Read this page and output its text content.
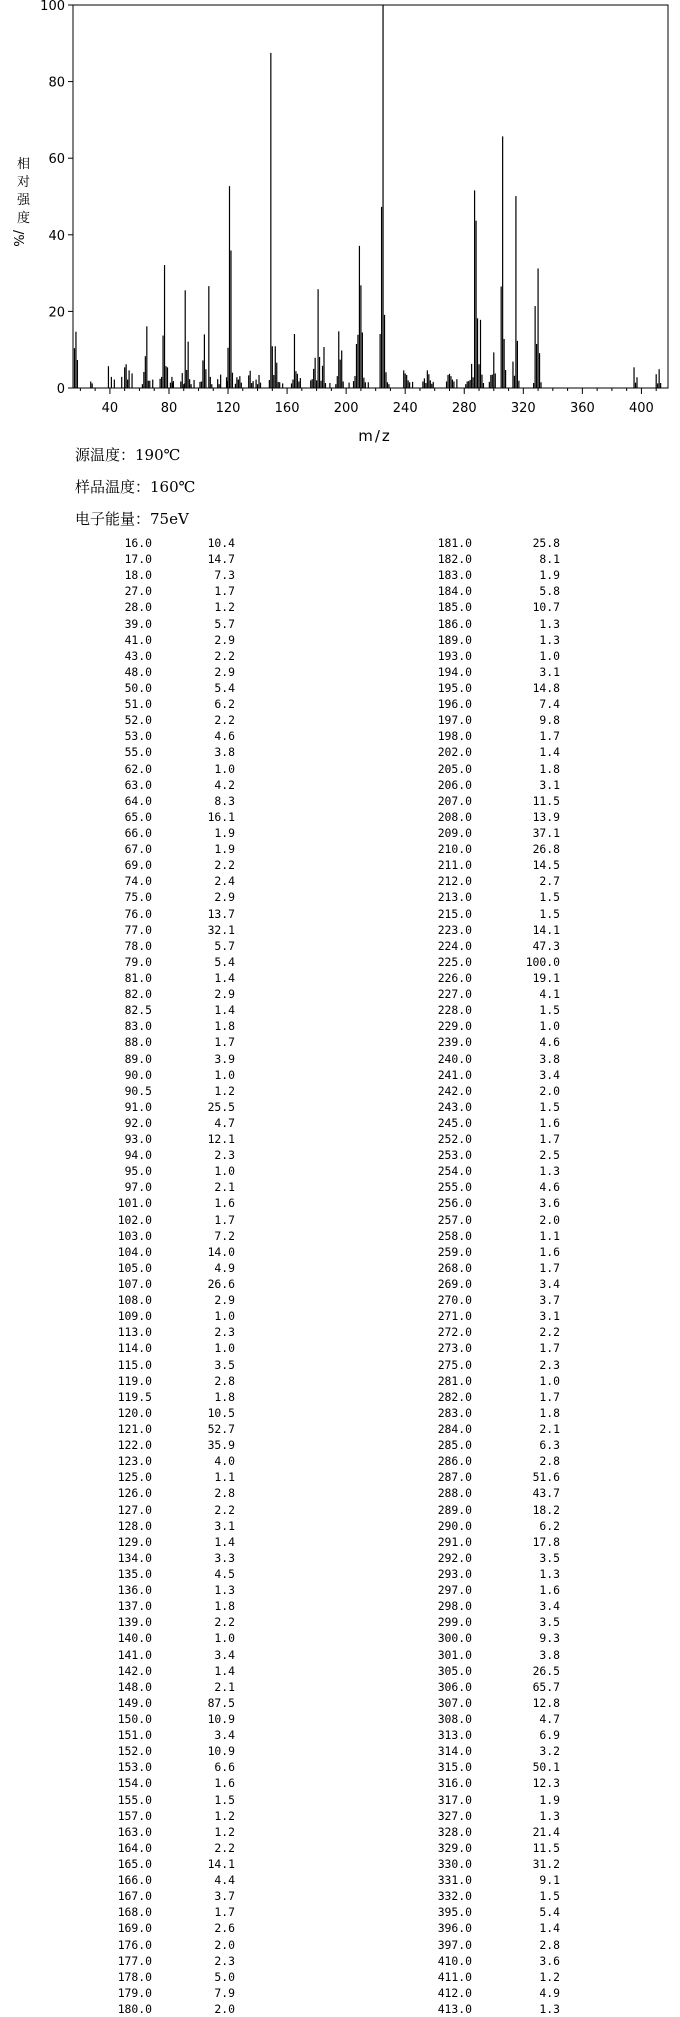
相
对
强
度
/%
0
20
40
60
80
100
40	80	120	160	200	240	280	320	360	400
m/z
源温度：190℃
样品温度：160℃
电子能量：75eV
16.0	10.4
17.0	14.7
18.0	7.3
27.0	1.7
28.0	1.2
39.0	5.7
41.0	2.9
43.0	2.2
48.0	2.9
50.0	5.4
51.0	6.2
52.0	2.2
53.0	4.6
55.0	3.8
62.0	1.0
63.0	4.2
64.0	8.3
65.0	16.1
66.0	1.9
67.0	1.9
69.0	2.2
74.0	2.4
75.0	2.9
76.0	13.7
77.0	32.1
78.0	5.7
79.0	5.4
81.0	1.4
82.0	2.9
82.5	1.4
83.0	1.8
88.0	1.7
89.0	3.9
90.0	1.0
90.5	1.2
91.0	25.5
92.0	4.7
93.0	12.1
94.0	2.3
95.0	1.0
97.0	2.1
101.0	1.6
102.0	1.7
103.0	7.2
104.0	14.0
105.0	4.9
107.0	26.6
108.0	2.9
109.0	1.0
113.0	2.3
114.0	1.0
115.0	3.5
119.0	2.8
119.5	1.8
120.0	10.5
121.0	52.7
122.0	35.9
123.0	4.0
125.0	1.1
126.0	2.8
127.0	2.2
128.0	3.1
129.0	1.4
134.0	3.3
135.0	4.5
136.0	1.3
137.0	1.8
139.0	2.2
140.0	1.0
141.0	3.4
142.0	1.4
148.0	2.1
149.0	87.5
150.0	10.9
151.0	3.4
152.0	10.9
153.0	6.6
154.0	1.6
155.0	1.5
157.0	1.2
163.0	1.2
164.0	2.2
165.0	14.1
166.0	4.4
167.0	3.7
168.0	1.7
169.0	2.6
176.0	2.0
177.0	2.3
178.0	5.0
179.0	7.9
180.0	2.0
181.0	25.8
182.0	8.1
183.0	1.9
184.0	5.8
185.0	10.7
186.0	1.3
189.0	1.3
193.0	1.0
194.0	3.1
195.0	14.8
196.0	7.4
197.0	9.8
198.0	1.7
202.0	1.4
205.0	1.8
206.0	3.1
207.0	11.5
208.0	13.9
209.0	37.1
210.0	26.8
211.0	14.5
212.0	2.7
213.0	1.5
215.0	1.5
223.0	14.1
224.0	47.3
225.0	100.0
226.0	19.1
227.0	4.1
228.0	1.5
229.0	1.0
239.0	4.6
240.0	3.8
241.0	3.4
242.0	2.0
243.0	1.5
245.0	1.6
252.0	1.7
253.0	2.5
254.0	1.3
255.0	4.6
256.0	3.6
257.0	2.0
258.0	1.1
259.0	1.6
268.0	1.7
269.0	3.4
270.0	3.7
271.0	3.1
272.0	2.2
273.0	1.7
275.0	2.3
281.0	1.0
282.0	1.7
283.0	1.8
284.0	2.1
285.0	6.3
286.0	2.8
287.0	51.6
288.0	43.7
289.0	18.2
290.0	6.2
291.0	17.8
292.0	3.5
293.0	1.3
297.0	1.6
298.0	3.4
299.0	3.5
300.0	9.3
301.0	3.8
305.0	26.5
306.0	65.7
307.0	12.8
308.0	4.7
313.0	6.9
314.0	3.2
315.0	50.1
316.0	12.3
317.0	1.9
327.0	1.3
328.0	21.4
329.0	11.5
330.0	31.2
331.0	9.1
332.0	1.5
395.0	5.4
396.0	1.4
397.0	2.8
410.0	3.6
411.0	1.2
412.0	4.9
413.0	1.3
